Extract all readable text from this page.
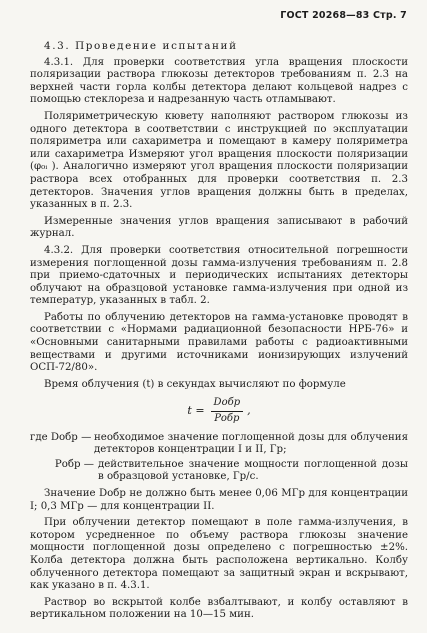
ГОСТ 20268—83 Стр. 7
4.3. Проведение испытаний

4.3.1. Для проверки соответствия угла вращения плоскости поляризации раствора глюкозы детекторов требованиям п. 2.3 на верхней части горла колбы детектора делают кольцевой надрез с помощью стеклореза и надрезанную часть отламывают.

Поляриметрическую кювету наполняют раствором глюкозы из одного детектора в соответствии с инструкцией по эксплуатации поляриметра или сахариметра и помещают в камеру поляриметра или сахариметра Измеряют угол вращения плоскости поляризации (φ₀ᵢ ). Аналогично измеряют угол вращения плоскости поляризации раствора всех отобранных для проверки соответствия п. 2.3 детекторов. Значения углов вращения должны быть в пределах, указанных в п. 2.3.

Измеренные значения углов вращения записывают в рабочий журнал.

4.3.2. Для проверки соответствия относительной погрешности измерения поглощенной дозы гамма-излучения требованиям п. 2.8 при приемо-сдаточных и периодических испытаниях детекторы облучают на образцовой установке гамма-излучения при одной из температур, указанных в табл. 2.

Работы по облучению детекторов на гамма-установке проводят в соответствии с «Нормами радиационной безопасности НРБ-76» и «Основными санитарными правилами работы с радиоактивными веществами и другими источниками ионизирующих излучений ОСП-72/80».

Время облучения (t) в секундах вычисляют по формуле

$t = \frac{\text{Dобр}}{\text{Pобр}}$ ,
где Dобр — необходимое значение поглощенной дозы для облучения детекторов концентрации I и II, Гр;
Pобр — действительное значение мощности поглощенной дозы в образцовой установке, Гр/с.

Значение Dобр не должно быть менее 0,06 МГр для концентрации I; 0,3 МГр — для концентрации II.

При облучении детектор помещают в поле гамма-излучения, в котором усредненное по объему раствора глюкозы значение мощности поглощенной дозы определено с погрешностью ±2%. Колба детектора должна быть расположена вертикально. Колбу облученного детектора помещают за защитный экран и вскрывают, как указано в п. 4.3.1.

Раствор во вскрытой колбе взбалтывают, и колбу оставляют в вертикальном положении на 10—15 мин.
